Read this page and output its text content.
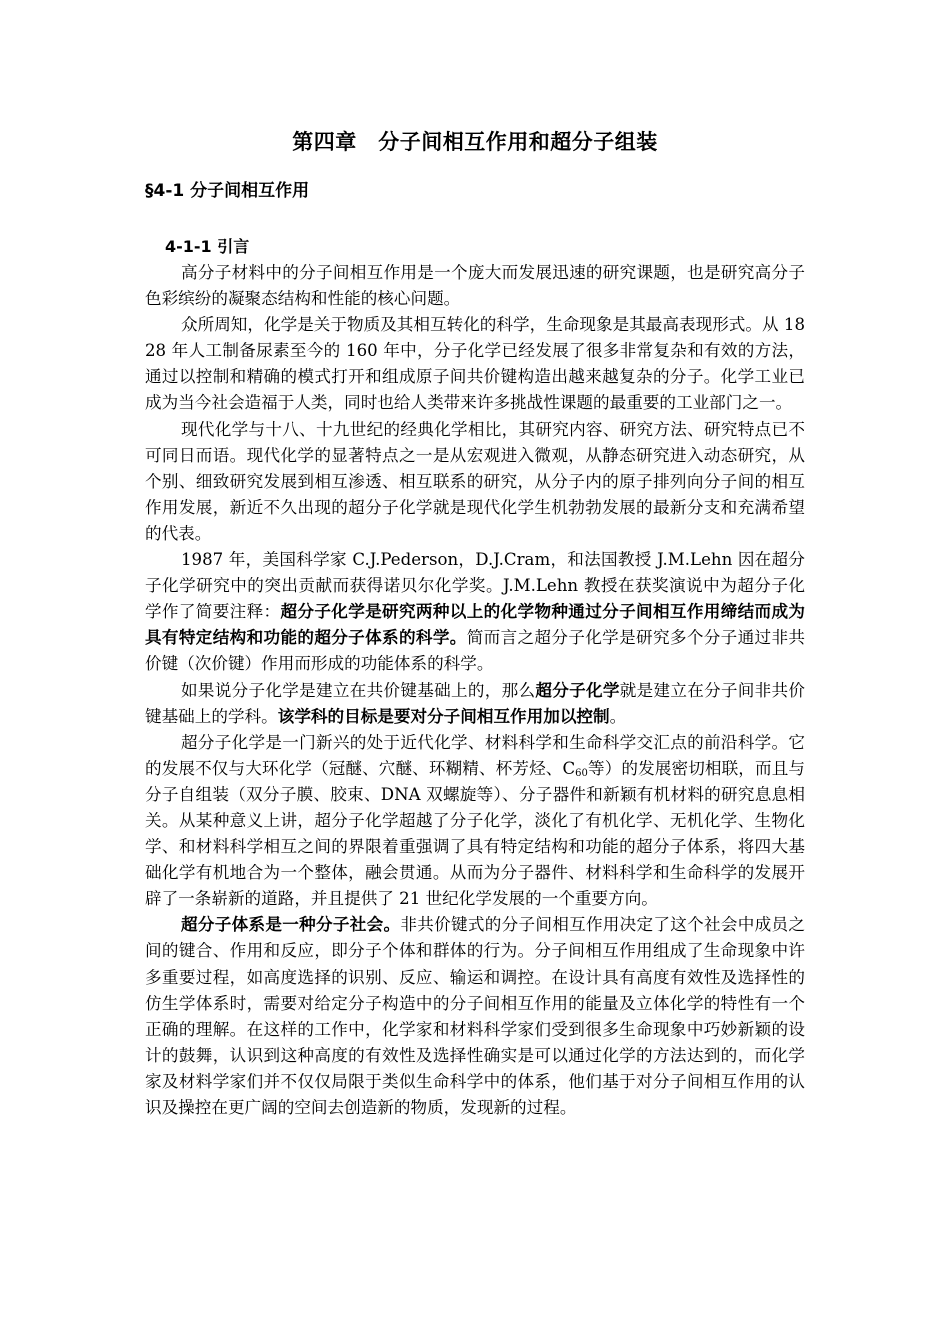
第四章　分子间相互作用和超分子组装
§4-1 分子间相互作用
4-1-1 引言

高分子材料中的分子间相互作用是一个庞大而发展迅速的研究课题，也是研究高分子色彩缤纷的凝聚态结构和性能的核心问题。

众所周知，化学是关于物质及其相互转化的科学，生命现象是其最高表现形式。从 1828 年人工制备尿素至今的 160 年中，分子化学已经发展了很多非常复杂和有效的方法，通过以控制和精确的模式打开和组成原子间共价键构造出越来越复杂的分子。化学工业已成为当今社会造福于人类，同时也给人类带来许多挑战性课题的最重要的工业部门之一。

现代化学与十八、十九世纪的经典化学相比，其研究内容、研究方法、研究特点已不可同日而语。现代化学的显著特点之一是从宏观进入微观，从静态研究进入动态研究，从个别、细致研究发展到相互渗透、相互联系的研究，从分子内的原子排列向分子间的相互作用发展，新近不久出现的超分子化学就是现代化学生机勃勃发展的最新分支和充满希望的代表。

1987 年，美国科学家 C.J.Pederson，D.J.Cram，和法国教授 J.M.Lehn 因在超分子化学研究中的突出贡献而获得诺贝尔化学奖。J.M.Lehn 教授在获奖演说中为超分子化学作了简要注释：超分子化学是研究两种以上的化学物种通过分子间相互作用缔结而成为具有特定结构和功能的超分子体系的科学。简而言之超分子化学是研究多个分子通过非共价键（次价键）作用而形成的功能体系的科学。

如果说分子化学是建立在共价键基础上的，那么超分子化学就是建立在分子间非共价键基础上的学科。该学科的目标是要对分子间相互作用加以控制。

超分子化学是一门新兴的处于近代化学、材料科学和生命科学交汇点的前沿科学。它的发展不仅与大环化学（冠醚、穴醚、环糊精、杯芳烃、$C_{60}$等）的发展密切相联，而且与分子自组装（双分子膜、胶束、DNA 双螺旋等）、分子器件和新颖有机材料的研究息息相关。从某种意义上讲，超分子化学超越了分子化学，淡化了有机化学、无机化学、生物化学、和材料科学相互之间的界限着重强调了具有特定结构和功能的超分子体系，将四大基础化学有机地合为一个整体，融会贯通。从而为分子器件、材料科学和生命科学的发展开辟了一条崭新的道路，并且提供了 21 世纪化学发展的一个重要方向。

超分子体系是一种分子社会。非共价键式的分子间相互作用决定了这个社会中成员之间的键合、作用和反应，即分子个体和群体的行为。分子间相互作用组成了生命现象中许多重要过程，如高度选择的识别、反应、输运和调控。在设计具有高度有效性及选择性的仿生学体系时，需要对给定分子构造中的分子间相互作用的能量及立体化学的特性有一个正确的理解。在这样的工作中，化学家和材料科学家们受到很多生命现象中巧妙新颖的设计的鼓舞，认识到这种高度的有效性及选择性确实是可以通过化学的方法达到的，而化学家及材料学家们并不仅仅局限于类似生命科学中的体系，他们基于对分子间相互作用的认识及操控在更广阔的空间去创造新的物质，发现新的过程。
